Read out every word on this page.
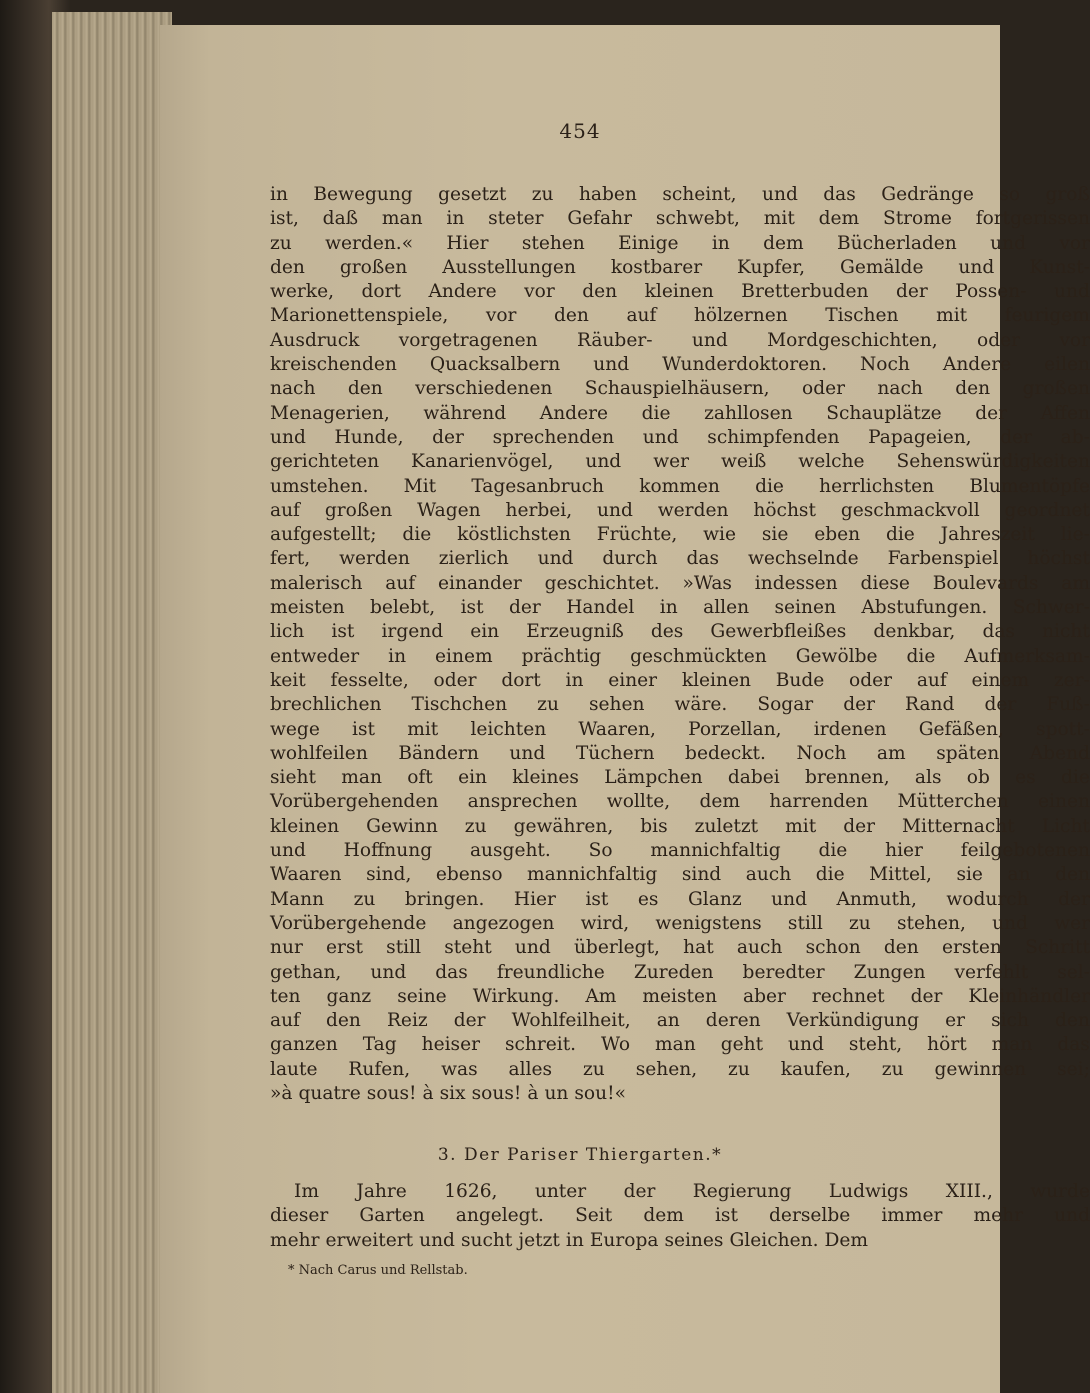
454
in Bewegung gesetzt zu haben scheint, und das Gedränge so groß
ist, daß man in steter Gefahr schwebt, mit dem Strome fortgerissen
zu werden.« Hier stehen Einige in dem Bücherladen und vor
den großen Ausstellungen kostbarer Kupfer, Gemälde und Kunst-
werke, dort Andere vor den kleinen Bretterbuden der Possen- und
Marionettenspiele, vor den auf hölzernen Tischen mit feurigem
Ausdruck vorgetragenen Räuber- und Mordgeschichten, oder vor
kreischenden Quacksalbern und Wunderdoktoren. Noch Andere eilen
nach den verschiedenen Schauspielhäusern, oder nach den großen
Menagerien, während Andere die zahllosen Schauplätze der Affen
und Hunde, der sprechenden und schimpfenden Papageien, der ab-
gerichteten Kanarienvögel, und wer weiß welche Sehenswürdigkeiten
umstehen. Mit Tagesanbruch kommen die herrlichsten Blumentöpfe
auf großen Wagen herbei, und werden höchst geschmackvoll geordnet
aufgestellt; die köstlichsten Früchte, wie sie eben die Jahreszeit lie-
fert, werden zierlich und durch das wechselnde Farbenspiel höchst
malerisch auf einander geschichtet. »Was indessen diese Boulevards am
meisten belebt, ist der Handel in allen seinen Abstufungen. Schwer-
lich ist irgend ein Erzeugniß des Gewerbfleißes denkbar, das nicht
entweder in einem prächtig geschmückten Gewölbe die Aufmerksam-
keit fesselte, oder dort in einer kleinen Bude oder auf einem zer-
brechlichen Tischchen zu sehen wäre. Sogar der Rand der Fuß-
wege ist mit leichten Waaren, Porzellan, irdenen Gefäßen, spott-
wohlfeilen Bändern und Tüchern bedeckt. Noch am späten Abend
sieht man oft ein kleines Lämpchen dabei brennen, als ob es die
Vorübergehenden ansprechen wollte, dem harrenden Mütterchen einen
kleinen Gewinn zu gewähren, bis zuletzt mit der Mitternacht Licht
und Hoffnung ausgeht. So mannichfaltig die hier feilgebotenen
Waaren sind, ebenso mannichfaltig sind auch die Mittel, sie an den
Mann zu bringen. Hier ist es Glanz und Anmuth, wodurch der
Vorübergehende angezogen wird, wenigstens still zu stehen, und wer
nur erst still steht und überlegt, hat auch schon den ersten Schritt
gethan, und das freundliche Zureden beredter Zungen verfehlt sel-
ten ganz seine Wirkung. Am meisten aber rechnet der Kleinhändler
auf den Reiz der Wohlfeilheit, an deren Verkündigung er sich den
ganzen Tag heiser schreit. Wo man geht und steht, hört man das
laute Rufen, was alles zu sehen, zu kaufen, zu gewinnen sei;
»à quatre sous! à six sous! à un sou!«
3. Der Pariser Thiergarten.*
Im Jahre 1626, unter der Regierung Ludwigs XIII., wurde
dieser Garten angelegt. Seit dem ist derselbe immer mehr und
mehr erweitert und sucht jetzt in Europa seines Gleichen. Dem
* Nach Carus und Rellstab.
